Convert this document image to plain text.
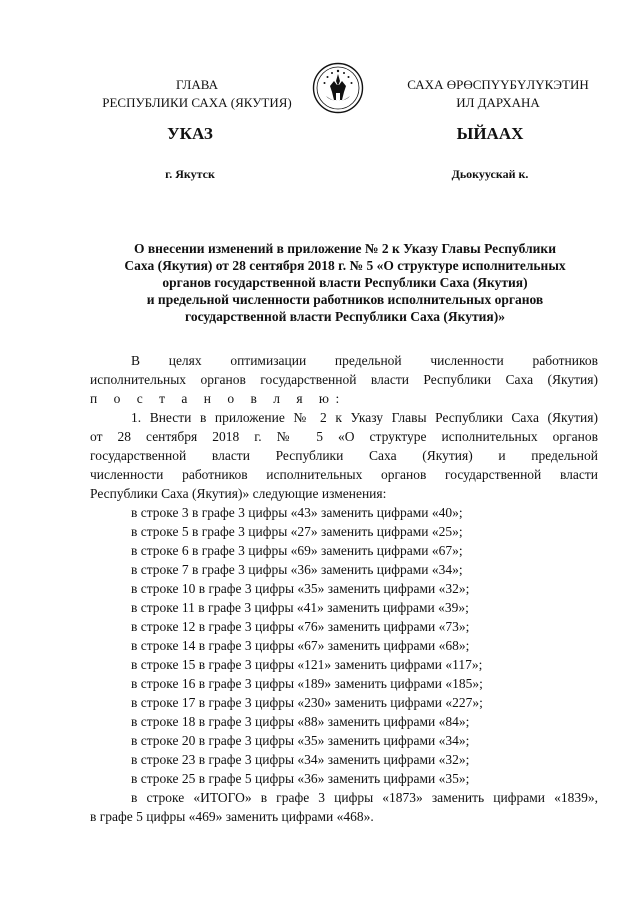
ГЛАВА
РЕСПУБЛИКИ САХА (ЯКУТИЯ)
САХА ӨРӨСПҮҮБҮЛҮКЭТИН
ИЛ ДАРХАНА
УКАЗ	ЫЙААХ
г. Якутск	Дьокуускай к.
О внесении изменений в приложение № 2 к Указу Главы Республики
Саха (Якутия) от 28 сентября 2018 г. № 5 «О структуре исполнительных
органов государственной власти Республики Саха (Якутия)
и предельной численности работников исполнительных органов
государственной власти Республики Саха (Якутия)»
В целях оптимизации предельной численности работников
исполнительных органов государственной власти Республики Саха (Якутия)
п о с т а н о в л я ю:
1. Внести в приложение № 2 к Указу Главы Республики Саха (Якутия)
от 28 сентября 2018 г. № 5 «О структуре исполнительных органов
государственной власти Республики Саха (Якутия) и предельной
численности работников исполнительных органов государственной власти
Республики Саха (Якутия)» следующие изменения:
в строке 3 в графе 3 цифры «43» заменить цифрами «40»;
в строке 5 в графе 3 цифры «27» заменить цифрами «25»;
в строке 6 в графе 3 цифры «69» заменить цифрами «67»;
в строке 7 в графе 3 цифры «36» заменить цифрами «34»;
в строке 10 в графе 3 цифры «35» заменить цифрами «32»;
в строке 11 в графе 3 цифры «41» заменить цифрами «39»;
в строке 12 в графе 3 цифры «76» заменить цифрами «73»;
в строке 14 в графе 3 цифры «67» заменить цифрами «68»;
в строке 15 в графе 3 цифры «121» заменить цифрами «117»;
в строке 16 в графе 3 цифры «189» заменить цифрами «185»;
в строке 17 в графе 3 цифры «230» заменить цифрами «227»;
в строке 18 в графе 3 цифры «88» заменить цифрами «84»;
в строке 20 в графе 3 цифры «35» заменить цифрами «34»;
в строке 23 в графе 3 цифры «34» заменить цифрами «32»;
в строке 25 в графе 5 цифры «36» заменить цифрами «35»;
в строке «ИТОГО» в графе 3 цифры «1873» заменить цифрами «1839»,
в графе 5 цифры «469» заменить цифрами «468».
